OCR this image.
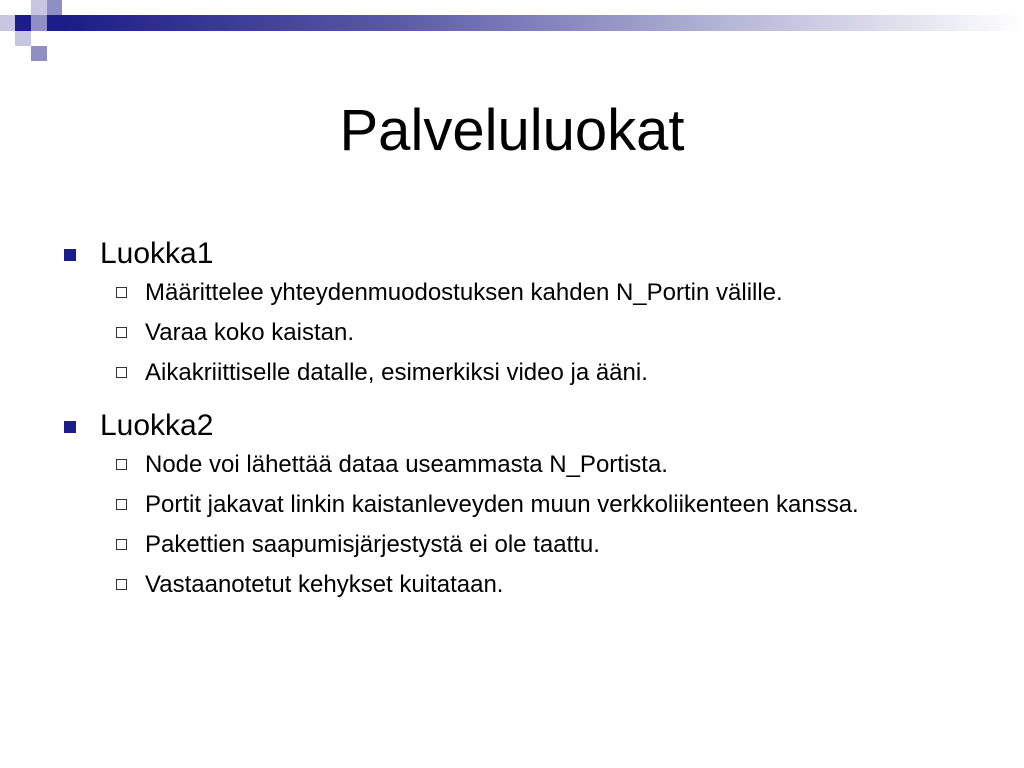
Palveluluokat
Luokka1
Määrittelee yhteydenmuodostuksen kahden N_Portin välille.
Varaa koko kaistan.
Aikakriittiselle datalle, esimerkiksi video ja ääni.
Luokka2
Node voi lähettää dataa useammasta N_Portista.
Portit jakavat linkin kaistanleveyden muun verkkoliikenteen kanssa.
Pakettien saapumisjärjestystä ei ole taattu.
Vastaanotetut kehykset kuitataan.
